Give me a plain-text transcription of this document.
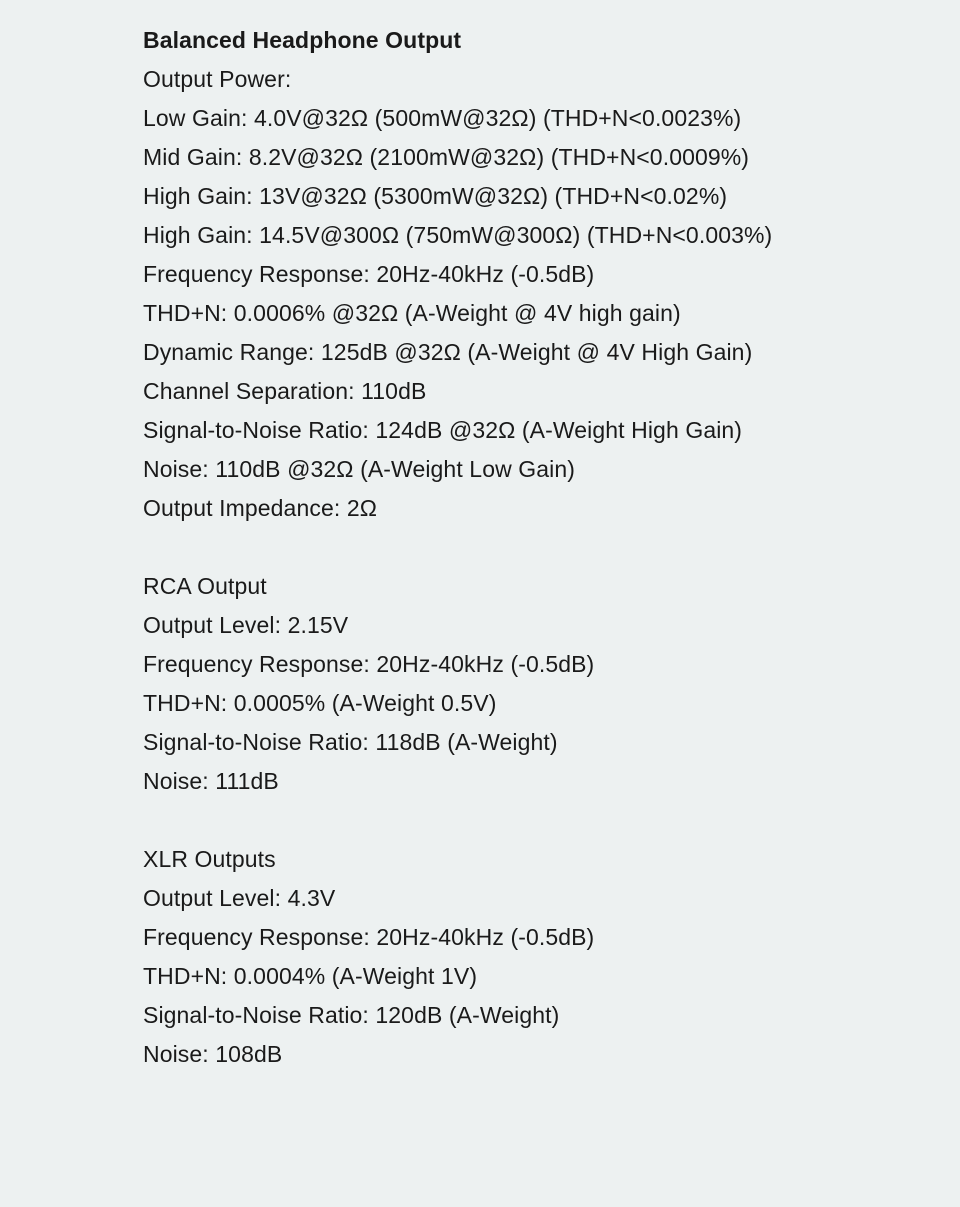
Balanced Headphone Output
Output Power:
Low Gain: 4.0V@32Ω (500mW@32Ω) (THD+N<0.0023%)
Mid Gain: 8.2V@32Ω (2100mW@32Ω) (THD+N<0.0009%)
High Gain: 13V@32Ω (5300mW@32Ω) (THD+N<0.02%)
High Gain: 14.5V@300Ω (750mW@300Ω) (THD+N<0.003%)
Frequency Response: 20Hz-40kHz (-0.5dB)
THD+N: 0.0006% @32Ω (A-Weight @ 4V high gain)
Dynamic Range: 125dB @32Ω (A-Weight @ 4V High Gain)
Channel Separation: 110dB
Signal-to-Noise Ratio: 124dB @32Ω (A-Weight High Gain)
Noise: 110dB @32Ω (A-Weight Low Gain)
Output Impedance: 2Ω
RCA Output
Output Level: 2.15V
Frequency Response: 20Hz-40kHz (-0.5dB)
THD+N: 0.0005% (A-Weight 0.5V)
Signal-to-Noise Ratio: 118dB (A-Weight)
Noise: 111dB
XLR Outputs
Output Level: 4.3V
Frequency Response: 20Hz-40kHz (-0.5dB)
THD+N: 0.0004% (A-Weight 1V)
Signal-to-Noise Ratio: 120dB (A-Weight)
Noise: 108dB
